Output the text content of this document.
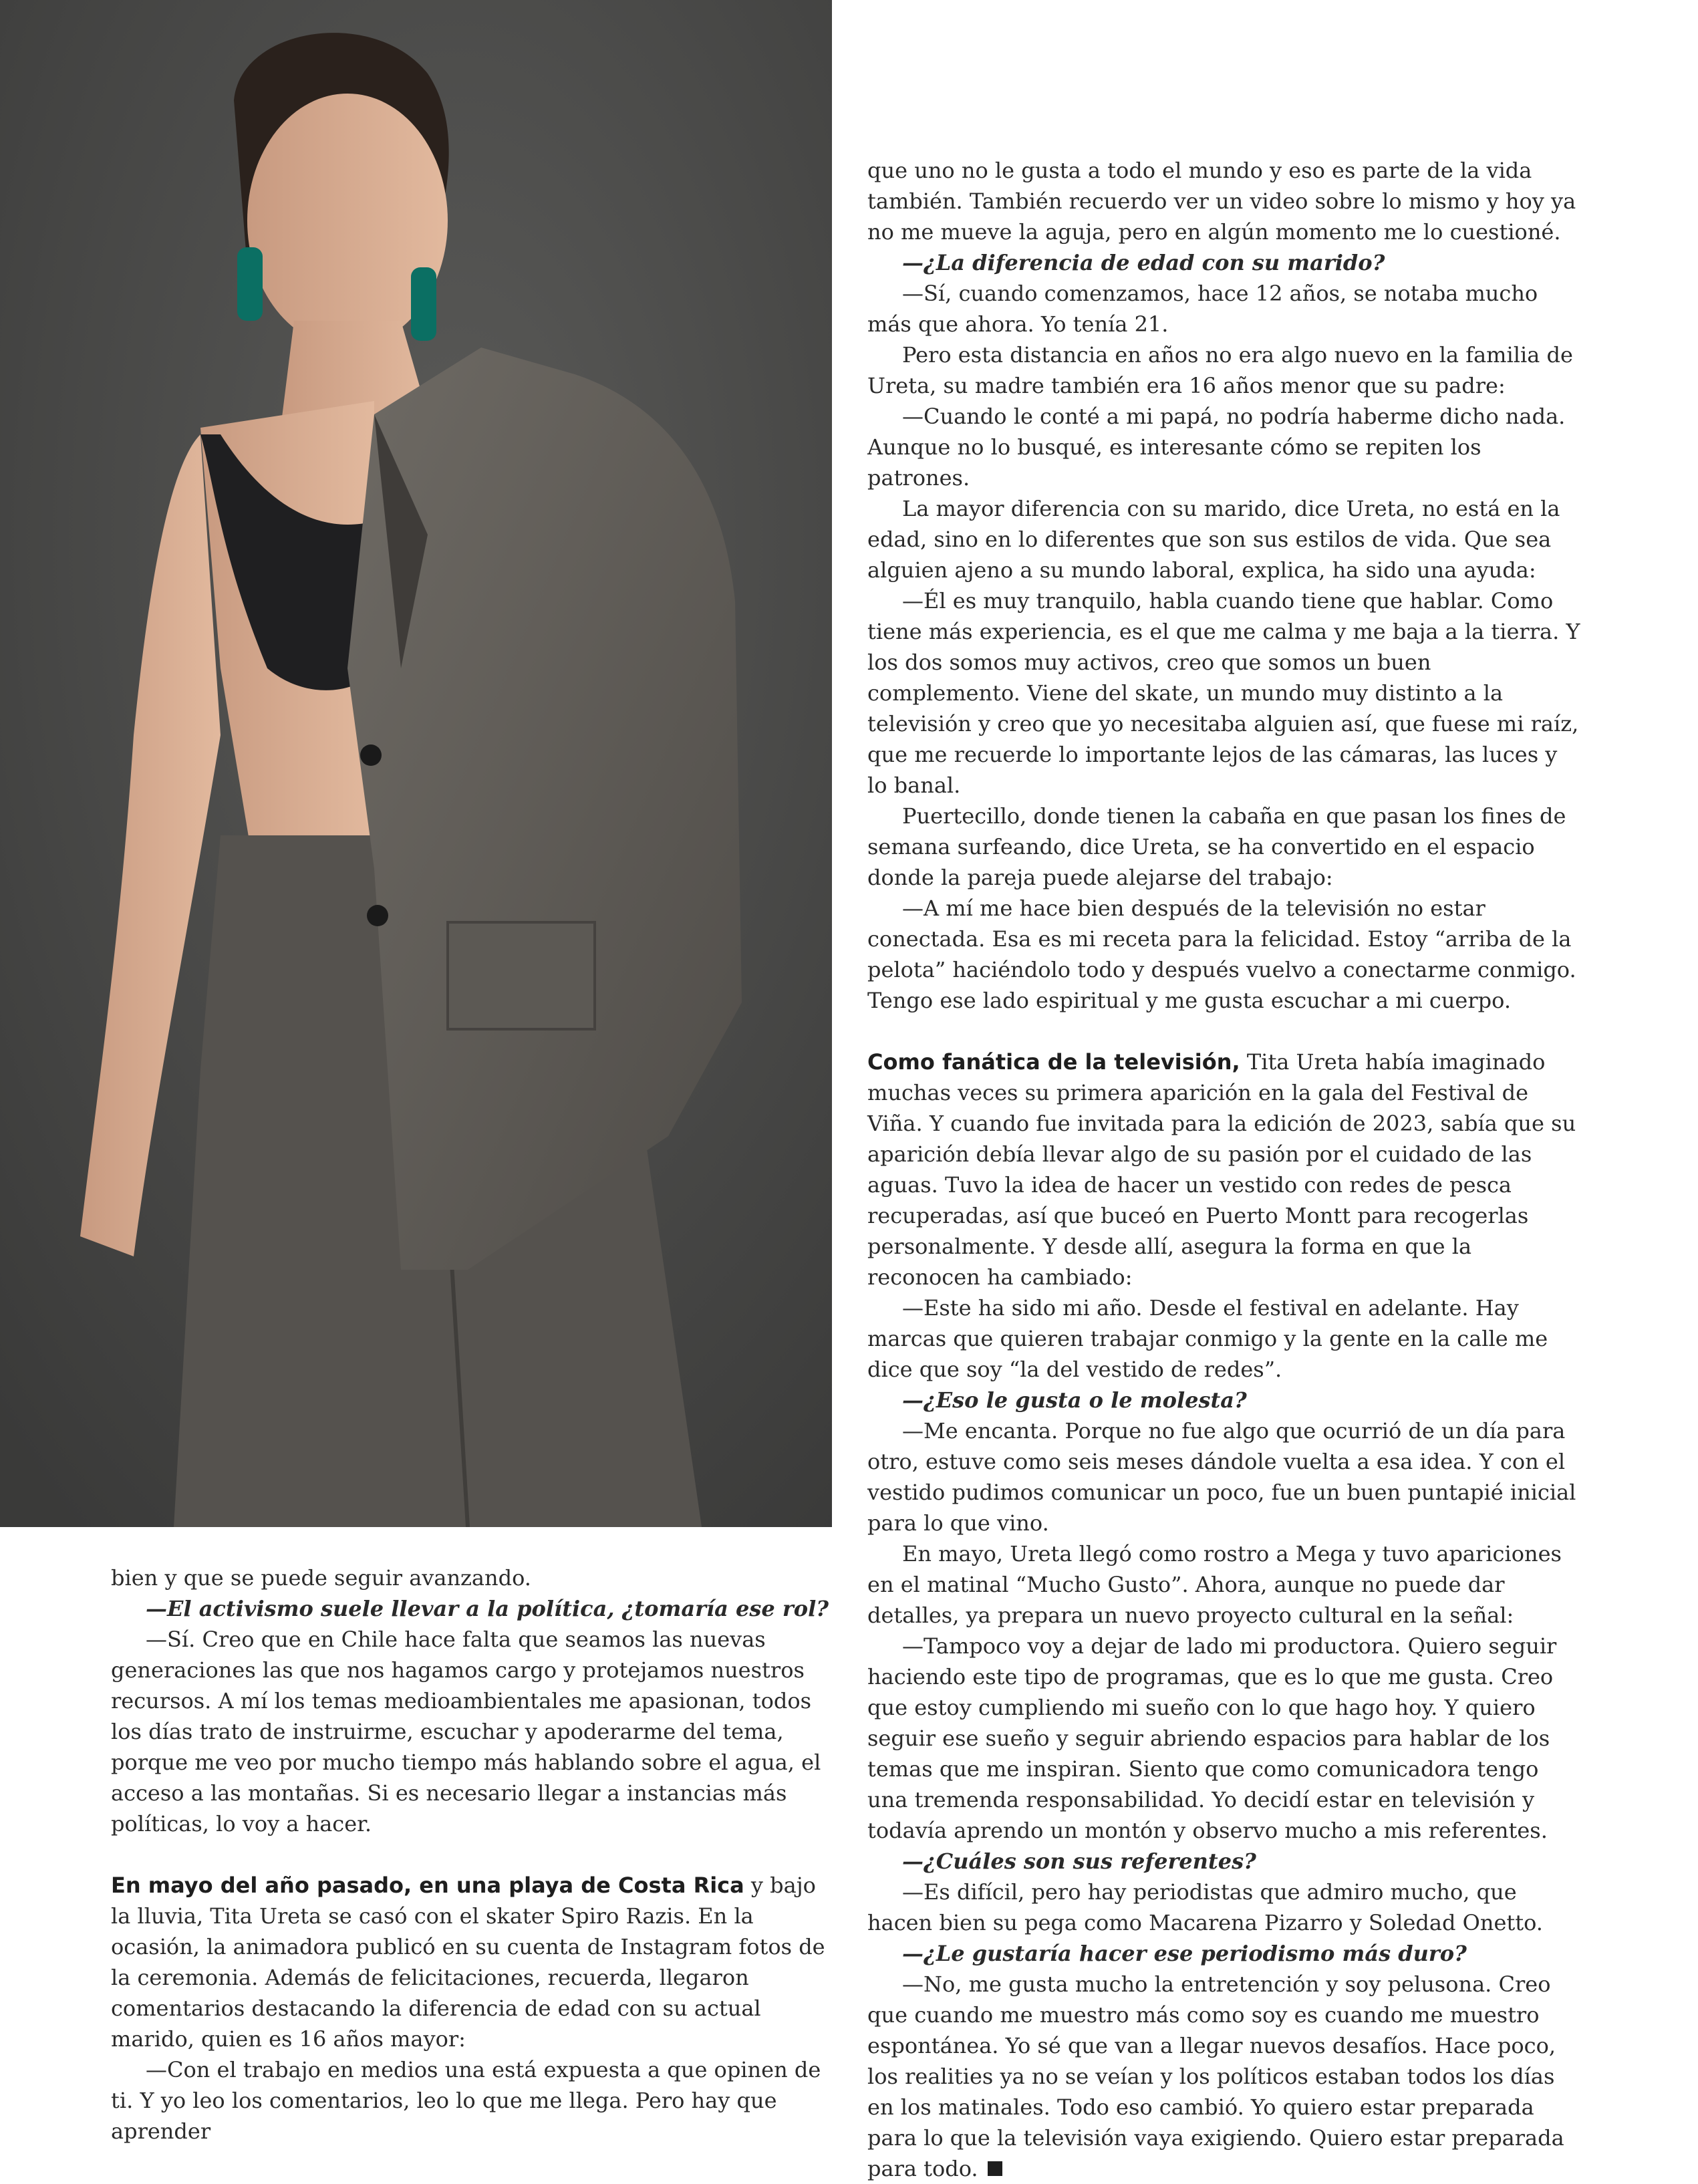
que uno no le gusta a todo el mundo y eso es parte de la vida también. También recuerdo ver un video sobre lo mismo y hoy ya no me mueve la aguja, pero en algún momento me lo cuestioné.

—¿La diferencia de edad con su marido?

—Sí, cuando comenzamos, hace 12 años, se notaba mucho más que ahora. Yo tenía 21.

Pero esta distancia en años no era algo nuevo en la familia de Ureta, su madre también era 16 años menor que su padre:

—Cuando le conté a mi papá, no podría haberme dicho nada. Aunque no lo busqué, es interesante cómo se repiten los patrones.

La mayor diferencia con su marido, dice Ureta, no está en la edad, sino en lo diferentes que son sus estilos de vida. Que sea alguien ajeno a su mundo laboral, explica, ha sido una ayuda:

—Él es muy tranquilo, habla cuando tiene que hablar. Como tiene más experiencia, es el que me calma y me baja a la tierra. Y los dos somos muy activos, creo que somos un buen complemento. Viene del skate, un mundo muy distinto a la televisión y creo que yo necesitaba alguien así, que fuese mi raíz, que me recuerde lo importante lejos de las cámaras, las luces y lo banal.

Puertecillo, donde tienen la cabaña en que pasan los fines de semana surfeando, dice Ureta, se ha convertido en el espacio donde la pareja puede alejarse del trabajo:

—A mí me hace bien después de la televisión no estar conectada. Esa es mi receta para la felicidad. Estoy “arriba de la pelota” haciéndolo todo y después vuelvo a conectarme conmigo. Tengo ese lado espiritual y me gusta escuchar a mi cuerpo.

Como fanática de la televisión, Tita Ureta había imaginado muchas veces su primera aparición en la gala del Festival de Viña. Y cuando fue invitada para la edición de 2023, sabía que su aparición debía llevar algo de su pasión por el cuidado de las aguas. Tuvo la idea de hacer un vestido con redes de pesca recuperadas, así que buceó en Puerto Montt para recogerlas personalmente. Y desde allí, asegura la forma en que la reconocen ha cambiado:

—Este ha sido mi año. Desde el festival en adelante. Hay marcas que quieren trabajar conmigo y la gente en la calle me dice que soy “la del vestido de redes”.

—¿Eso le gusta o le molesta?

—Me encanta. Porque no fue algo que ocurrió de un día para otro, estuve como seis meses dándole vuelta a esa idea. Y con el vestido pudimos comunicar un poco, fue un buen puntapié inicial para lo que vino.

En mayo, Ureta llegó como rostro a Mega y tuvo apariciones en el matinal “Mucho Gusto”. Ahora, aunque no puede dar detalles, ya prepara un nuevo proyecto cultural en la señal:

—Tampoco voy a dejar de lado mi productora. Quiero seguir haciendo este tipo de programas, que es lo que me gusta. Creo que estoy cumpliendo mi sueño con lo que hago hoy. Y quiero seguir ese sueño y seguir abriendo espacios para hablar de los temas que me inspiran. Siento que como comunicadora tengo una tremenda responsabilidad. Yo decidí estar en televisión y todavía aprendo un montón y observo mucho a mis referentes.

—¿Cuáles son sus referentes?

—Es difícil, pero hay periodistas que admiro mucho, que hacen bien su pega como Macarena Pizarro y Soledad Onetto.

—¿Le gustaría hacer ese periodismo más duro?

—No, me gusta mucho la entretención y soy pelusona. Creo que cuando me muestro más como soy es cuando me muestro espontánea. Yo sé que van a llegar nuevos desafíos. Hace poco, los realities ya no se veían y los políticos estaban todos los días en los matinales. Todo eso cambió. Yo quiero estar preparada para lo que la televisión vaya exigiendo. Quiero estar preparada para todo.

bien y que se puede seguir avanzando.

—El activismo suele llevar a la política, ¿tomaría ese rol?

—Sí. Creo que en Chile hace falta que seamos las nuevas generaciones las que nos hagamos cargo y protejamos nuestros recursos. A mí los temas medioambientales me apasionan, todos los días trato de instruirme, escuchar y apoderarme del tema, porque me veo por mucho tiempo más hablando sobre el agua, el acceso a las montañas. Si es necesario llegar a instancias más políticas, lo voy a hacer.

En mayo del año pasado, en una playa de Costa Rica y bajo la lluvia, Tita Ureta se casó con el skater Spiro Razis. En la ocasión, la animadora publicó en su cuenta de Instagram fotos de la ceremonia. Además de felicitaciones, recuerda, llegaron comentarios destacando la diferencia de edad con su actual marido, quien es 16 años mayor:

—Con el trabajo en medios una está expuesta a que opinen de ti. Y yo leo los comentarios, leo lo que me llega. Pero hay que aprender
